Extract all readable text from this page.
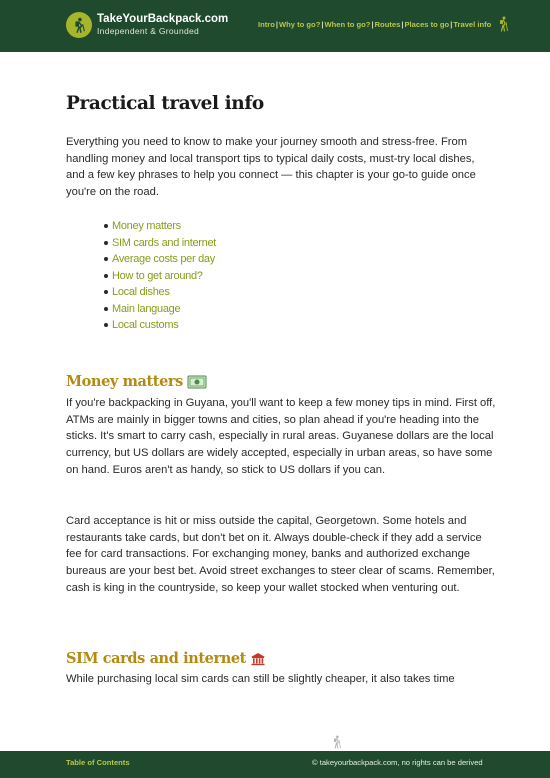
TakeYourBackpack.com
Independent & Grounded
Intro | Why to go? | When to go? | Routes | Places to go | Travel info
Practical travel info

Everything you need to know to make your journey smooth and stress-free. From handling money and local transport tips to typical daily costs, must-try local dishes, and a few key phrases to help you connect — this chapter is your go-to guide once you're on the road.

Money matters
SIM cards and internet
Average costs per day
How to get around?
Local dishes
Main language
Local customs
Money matters

If you're backpacking in Guyana, you'll want to keep a few money tips in mind. First off, ATMs are mainly in bigger towns and cities, so plan ahead if you're heading into the sticks. It's smart to carry cash, especially in rural areas. Guyanese dollars are the local currency, but US dollars are widely accepted, especially in urban areas, so have some on hand. Euros aren't as handy, so stick to US dollars if you can.

Card acceptance is hit or miss outside the capital, Georgetown. Some hotels and restaurants take cards, but don't bet on it. Always double-check if they add a service fee for card transactions. For exchanging money, banks and authorized exchange bureaus are your best bet. Avoid street exchanges to steer clear of scams. Remember, cash is king in the countryside, so keep your wallet stocked when venturing out.

SIM cards and internet

While purchasing local sim cards can still be slightly cheaper, it also takes time

Table of Contents	© takeyourbackpack.com, no rights can be derived
